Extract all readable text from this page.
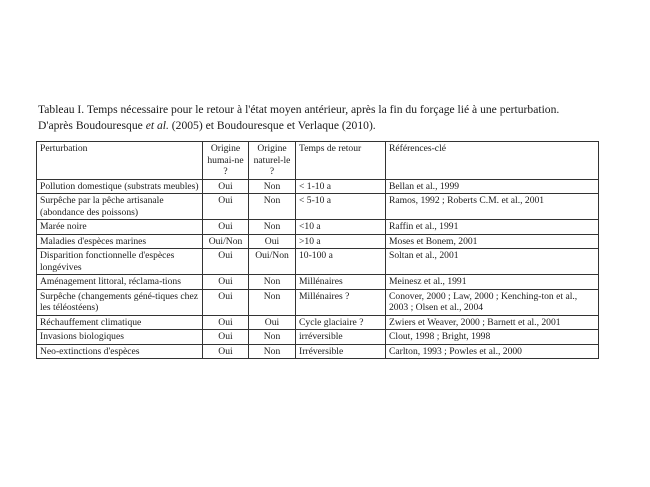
Tableau I. Temps nécessaire pour le retour à l'état moyen antérieur, après la fin du forçage lié à une perturbation.
D'après Boudouresque et al. (2005) et Boudouresque et Verlaque (2010).
Perturbation	Origine humai-ne ?	Origine naturel-le ?	Temps de retour	Références-clé
Pollution domestique (substrats meubles)	Oui	Non	< 1-10 a	Bellan et al., 1999
Surpêche par la pêche artisanale (abondance des poissons)	Oui	Non	< 5-10 a	Ramos, 1992 ; Roberts C.M. et al., 2001
Marée noire	Oui	Non	<10 a	Raffin et al., 1991
Maladies d'espèces marines	Oui/Non	Oui	>10 a	Moses et Bonem, 2001
Disparition fonctionnelle d'espèces longévives	Oui	Oui/Non	10-100 a	Soltan et al., 2001
Aménagement littoral, réclama-tions	Oui	Non	Millénaires	Meinesz et al., 1991
Surpêche (changements géné-tiques chez les téléostéens)	Oui	Non	Millénaires ?	Conover, 2000 ; Law, 2000 ; Kenching-ton et al., 2003 ; Olsen et al., 2004
Réchauffement climatique	Oui	Oui	Cycle glaciaire ?	Zwiers et Weaver, 2000 ; Barnett et al., 2001
Invasions biologiques	Oui	Non	irréversible	Clout, 1998 ; Bright, 1998
Neo-extinctions d'espèces	Oui	Non	Irréversible	Carlton, 1993 ; Powles et al., 2000
